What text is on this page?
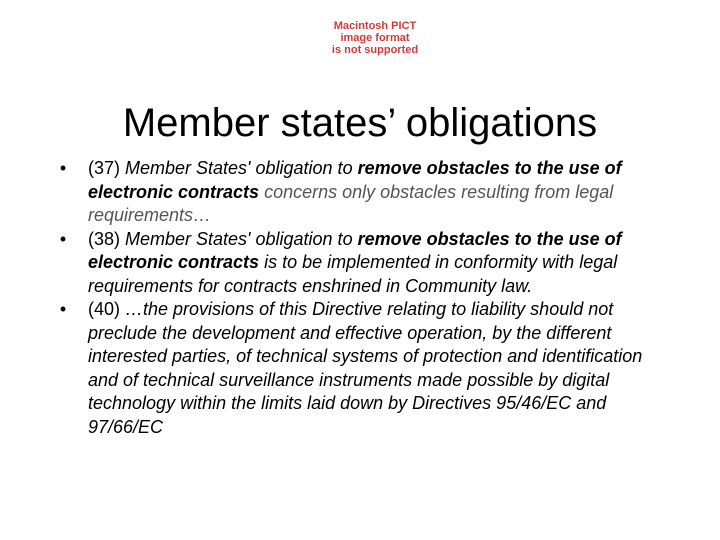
Macintosh PICT
image format
is not supported
Member states’ obligations
• (37) Member States' obligation to remove obstacles to the use of electronic contracts concerns only obstacles resulting from legal requirements…
• (38) Member States' obligation to remove obstacles to the use of electronic contracts is to be implemented in conformity with legal requirements for contracts enshrined in Community law.
• (40) …the provisions of this Directive relating to liability should not preclude the development and effective operation, by the different interested parties, of technical systems of protection and identification and of technical surveillance instruments made possible by digital technology within the limits laid down by Directives 95/46/EC and 97/66/EC
